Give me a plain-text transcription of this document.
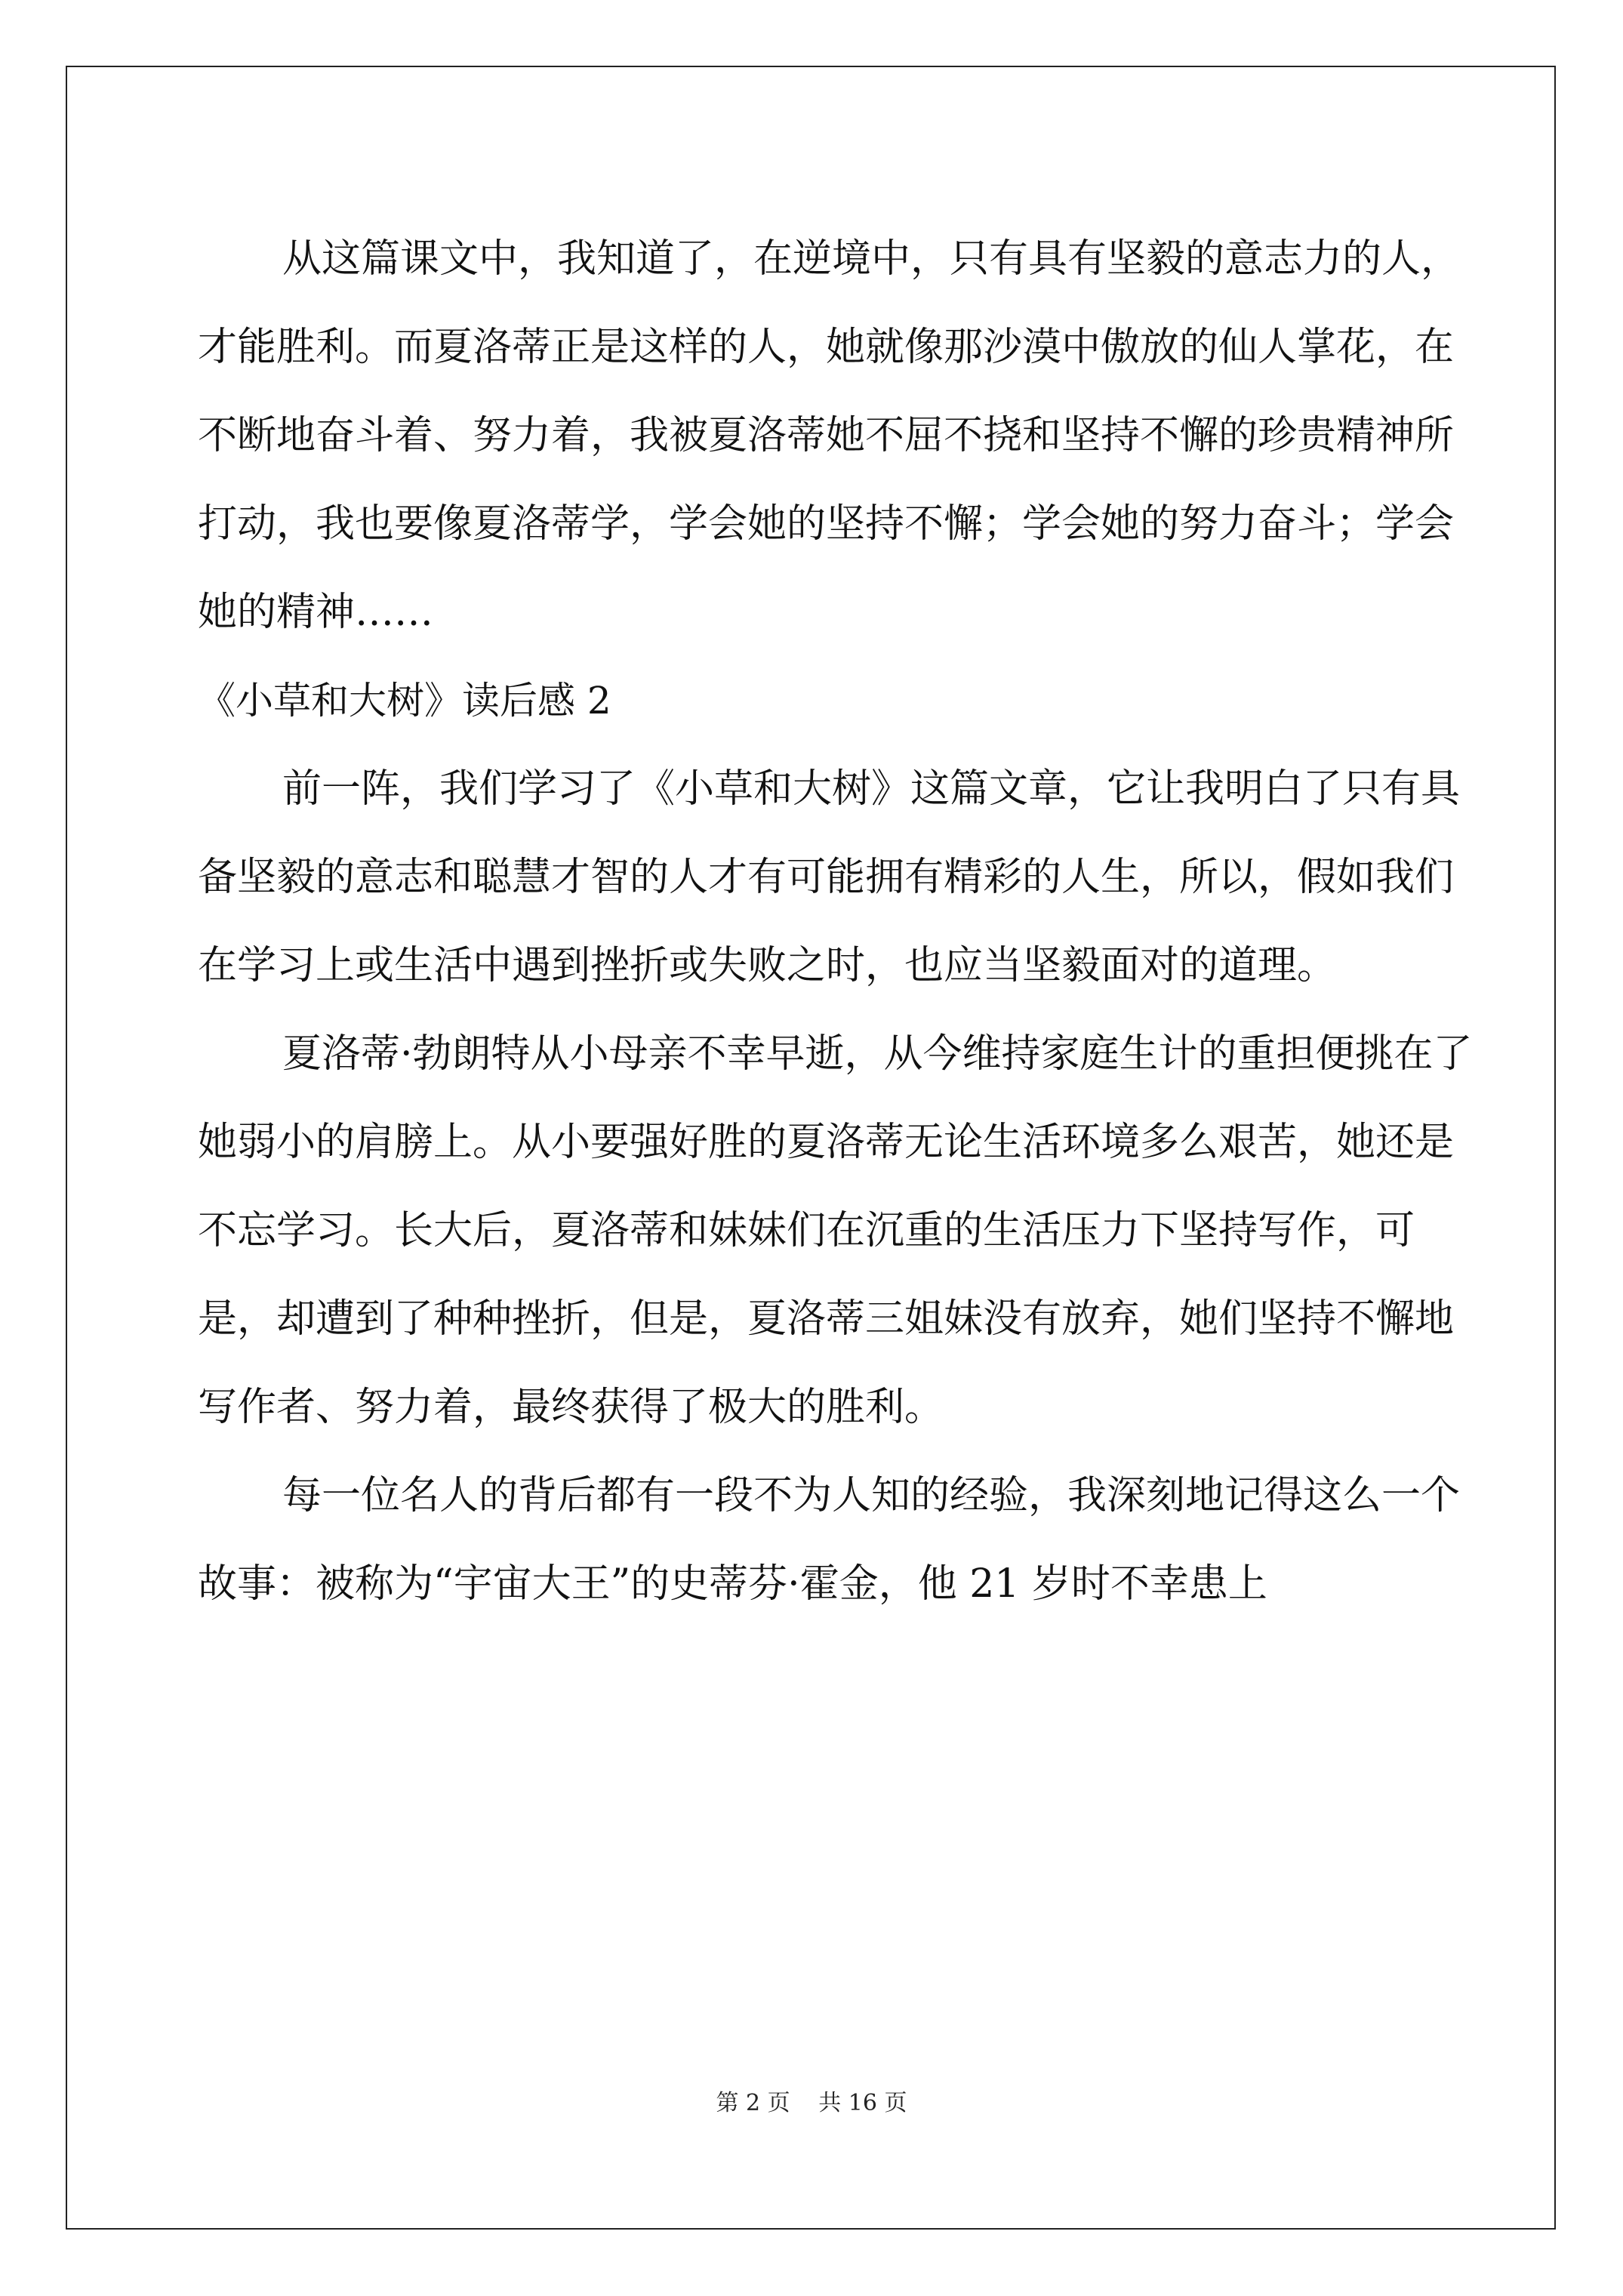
从这篇课文中，我知道了，在逆境中，只有具有坚毅的意志力的人，才能胜利。而夏洛蒂正是这样的人，她就像那沙漠中傲放的仙人掌花，在不断地奋斗着、努力着，我被夏洛蒂她不屈不挠和坚持不懈的珍贵精神所打动，我也要像夏洛蒂学，学会她的坚持不懈；学会她的努力奋斗；学会她的精神……

《小草和大树》读后感 2

前一阵，我们学习了《小草和大树》这篇文章，它让我明白了只有具备坚毅的意志和聪慧才智的人才有可能拥有精彩的人生，所以，假如我们在学习上或生活中遇到挫折或失败之时，也应当坚毅面对的道理。

夏洛蒂·勃朗特从小母亲不幸早逝，从今维持家庭生计的重担便挑在了她弱小的肩膀上。从小要强好胜的夏洛蒂无论生活环境多么艰苦，她还是不忘学习。长大后，夏洛蒂和妹妹们在沉重的生活压力下坚持写作，可是，却遭到了种种挫折，但是，夏洛蒂三姐妹没有放弃，她们坚持不懈地写作者、努力着，最终获得了极大的胜利。

每一位名人的背后都有一段不为人知的经验，我深刻地记得这么一个故事：被称为“宇宙大王”的史蒂芬·霍金，他 21 岁时不幸患上

第 2 页 共 16 页
